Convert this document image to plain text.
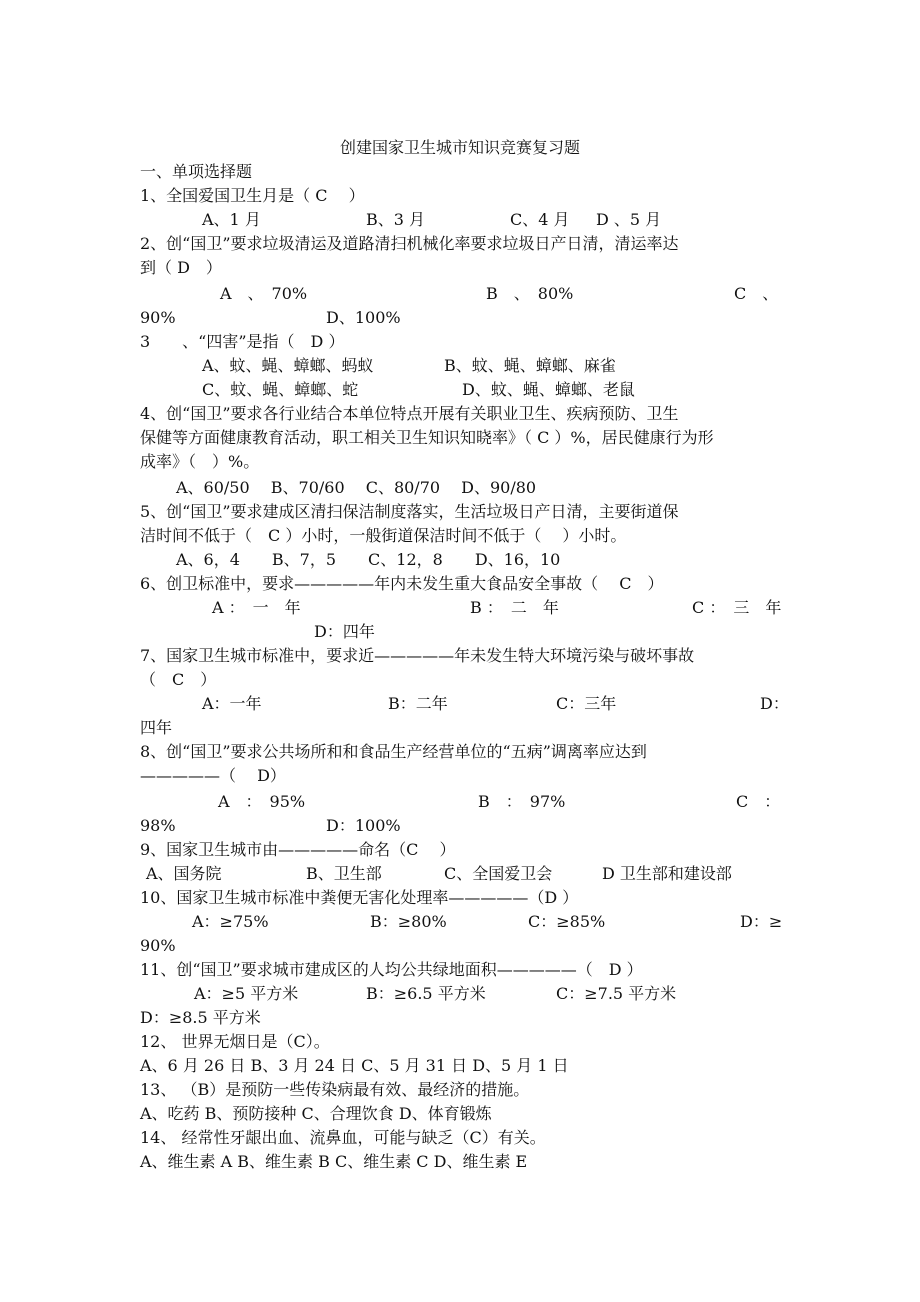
创建国家卫生城市知识竞赛复习题
一、单项选择题
1、全国爱国卫生月是（ C　 ）
A、1 月	B、3 月	C、4 月 D 、5 月
2、创“国卫”要求垃圾清运及道路清扫机械化率要求垃圾日产日清，清运率达
到（ D　）
A　、　70%	B　、　80%	C　、
90%	D、100%
3　　、“四害”是指（　D ）
A、蚊、蝇、蟑螂、蚂蚁	B、蚊、蝇、蟑螂、麻雀
C、蚊、蝇、蟑螂、蛇	D、蚊、蝇、蟑螂、老鼠
4、创“国卫”要求各行业结合本单位特点开展有关职业卫生、疾病预防、卫生
保健等方面健康教育活动，职工相关卫生知识知晓率》（ C ）%，居民健康行为形
成率》（　）%。
A、60/50　 B、70/60　 C、80/70　 D、90/80
5、创“国卫”要求建成区清扫保洁制度落实，生活垃圾日产日清，主要街道保
洁时间不低于（　C ）小时，一般街道保洁时间不低于（　 ）小时。
A、6，4　　B、7，5　　C、12，8　　D、16，10
6、创卫标准中，要求—————年内未发生重大食品安全事故（　 C　）
A ：　一　年	B ：　二　年	C ：　三　年
D：四年
7、国家卫生城市标准中，要求近—————年未发生特大环境污染与破坏事故
（　C　）
A：一年	B：二年	C：三年	D：
四年
8、创“国卫”要求公共场所和和食品生产经营单位的“五病”调离率应达到
—————（　 D）
A　：　95%	B　：　97%	C　：
98%	D：100%
9、国家卫生城市由—————命名（C　 ）
A、国务院	B、卫生部	C、全国爱卫会	D 卫生部和建设部
10、国家卫生城市标准中粪便无害化处理率—————（D ）
A：≥75%	B：≥80%	C：≥85%	D：≥
90%
11、创“国卫”要求城市建成区的人均公共绿地面积—————（　D ）
A：≥5 平方米	B：≥6.5 平方米	C：≥7.5 平方米
D：≥8.5 平方米
12、 世界无烟日是（C）。
A、6 月 26 日 B、3 月 24 日 C、5 月 31 日 D、5 月 1 日
13、 （B）是预防一些传染病最有效、最经济的措施。
A、吃药 B、预防接种 C、合理饮食 D、体育锻炼
14、 经常性牙龈出血、流鼻血，可能与缺乏（C）有关。
A、维生素 A B、维生素 B C、维生素 C D、维生素 E
